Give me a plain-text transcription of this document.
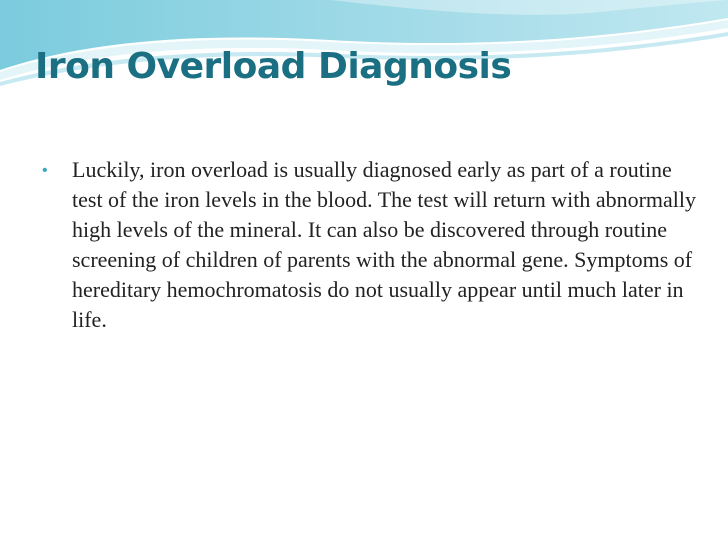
Iron Overload Diagnosis
• Luckily, iron overload is usually diagnosed early as part of a routine test of the iron levels in the blood. The test will return with abnormally high levels of the mineral. It can also be discovered through routine screening of children of parents with the abnormal gene. Symptoms of hereditary hemochromatosis do not usually appear until much later in life.
